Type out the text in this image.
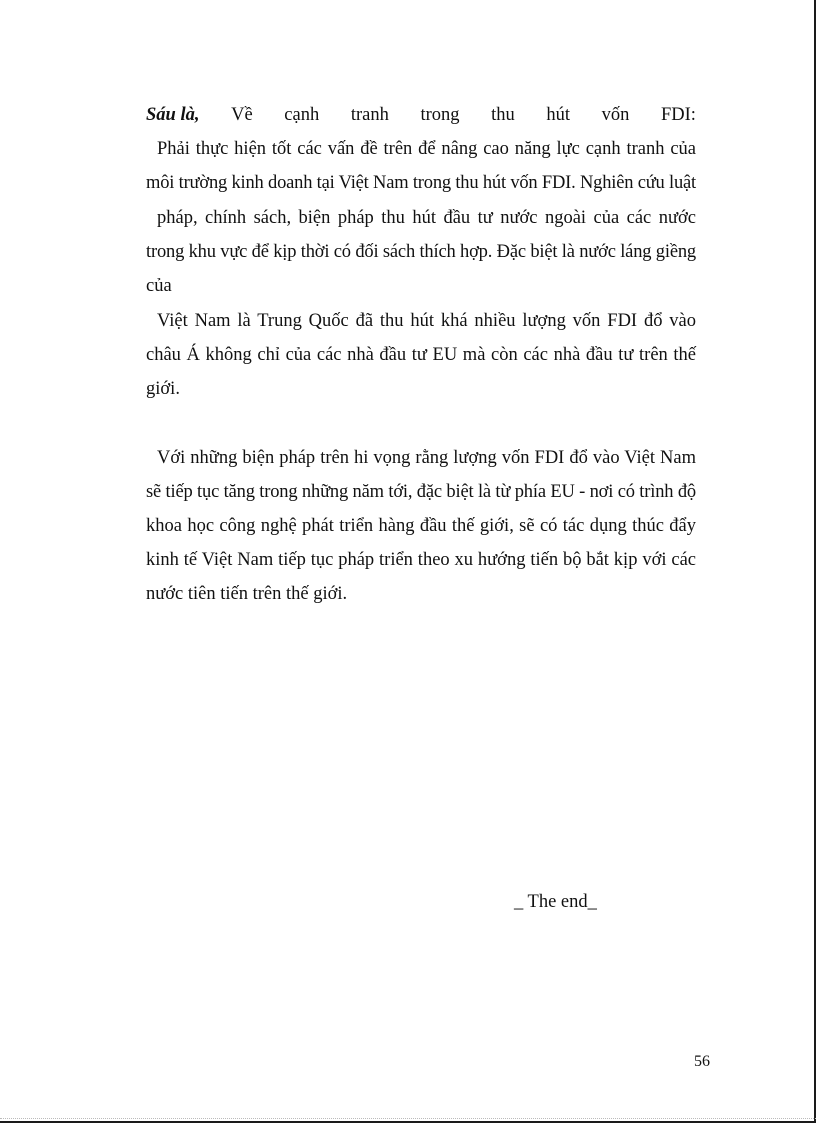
Sáu là, Về cạnh tranh trong thu hút vốn FDI:
Phải thực hiện tốt các vấn đề trên để nâng cao năng lực cạnh tranh của
môi trường kinh doanh tại Việt Nam trong thu hút vốn FDI. Nghiên cứu luật
pháp, chính sách, biện pháp thu hút đầu tư nước ngoài của các nước
trong khu vực để kịp thời có đối sách thích hợp. Đặc biệt là nước láng giềng
của
Việt Nam là Trung Quốc đã thu hút khá nhiều lượng vốn FDI đổ vào
châu Á không chỉ của các nhà đầu tư EU mà còn các nhà đầu tư trên thế
giới.
Với những biện pháp trên hi vọng rằng lượng vốn FDI đổ vào Việt Nam
sẽ tiếp tục tăng trong những năm tới, đặc biệt là từ phía EU - nơi có trình độ
khoa học công nghệ phát triển hàng đầu thế giới, sẽ có tác dụng thúc đẩy
kinh tế Việt Nam tiếp tục pháp triển theo xu hướng tiến bộ bắt kịp với các
nước tiên tiến trên thế giới.
_ The end_
56
